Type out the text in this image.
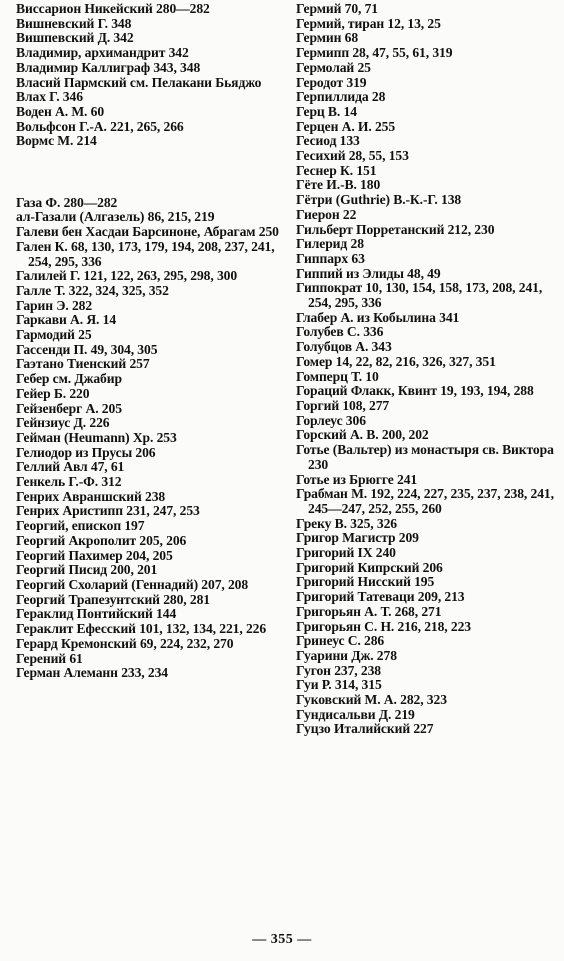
Виссарион Никейский 280—282

Вишневский Г. 348

Вишпевский Д. 342

Владимир, архимандрит 342

Владимир Каллиграф 343, 348

Власий Пармский см. Пелакани Бьяджо

Влах Г. 346

Воден А. М. 60

Вольфсон Г.-А. 221, 265, 266

Вормс М. 214

Газа Ф. 280—282

ал-Газали (Алгазель) 86, 215, 219

Галеви бен Хасдаи Барсиноне, Абрагам 250

Гален К. 68, 130, 173, 179, 194, 208, 237, 241, 254, 295, 336

Галилей Г. 121, 122, 263, 295, 298, 300

Галле Т. 322, 324, 325, 352

Гарин Э. 282

Гаркави А. Я. 14

Гармодий 25

Гассенди П. 49, 304, 305

Гаэтано Тиенский 257

Гебер см. Джабир

Гейер Б. 220

Гейзенберг А. 205

Гейнзиус Д. 226

Гейман (Heumann) Хр. 253

Гелиодор из Прусы 206

Геллий Авл 47, 61

Генкель Г.-Ф. 312

Генрих Авраншский 238

Генрих Аристипп 231, 247, 253

Георгий, епископ 197

Георгий Акрополит 205, 206

Георгий Пахимер 204, 205

Георгий Писид 200, 201

Георгий Схоларий (Геннадий) 207, 208

Георгий Трапезунтский 280, 281

Гераклид Понтийский 144

Гераклит Ефесский 101, 132, 134, 221, 226

Герард Кремонский 69, 224, 232, 270

Герений 61

Герман Алеманн 233, 234

Гермий 70, 71

Гермий, тиран 12, 13, 25

Гермин 68

Гермипп 28, 47, 55, 61, 319

Гермолай 25

Геродот 319

Герпиллида 28

Герц В. 14

Герцен А. И. 255

Гесиод 133

Гесихий 28, 55, 153

Геснер К. 151

Гёте И.-В. 180

Гётри (Guthrie) В.-К.-Г. 138

Гиерон 22

Гильберт Порретанский 212, 230

Гилерид 28

Гиппарх 63

Гиппий из Элиды 48, 49

Гиппократ 10, 130, 154, 158, 173, 208, 241, 254, 295, 336

Глабер А. из Кобылина 341

Голубев С. 336

Голубцов А. 343

Гомер 14, 22, 82, 216, 326, 327, 351

Гомперц Т. 10

Гораций Флакк, Квинт 19, 193, 194, 288

Горгий 108, 277

Горлеус 306

Горский А. В. 200, 202

Готье (Вальтер) из монастыря св. Виктора 230

Готье из Брюгге 241

Грабман М. 192, 224, 227, 235, 237, 238, 241, 245—247, 252, 255, 260

Греку В. 325, 326

Григор Магистр 209

Григорий IX 240

Григорий Кипрский 206

Григорий Нисский 195

Григорий Татеваци 209, 213

Григорьян А. Т. 268, 271

Григорьян С. Н. 216, 218, 223

Гринеус С. 286

Гуарини Дж. 278

Гугон 237, 238

Гуи Р. 314, 315

Гуковский М. А. 282, 323

Гундисальви Д. 219

Гуцзо Италийский 227

— 355 —
